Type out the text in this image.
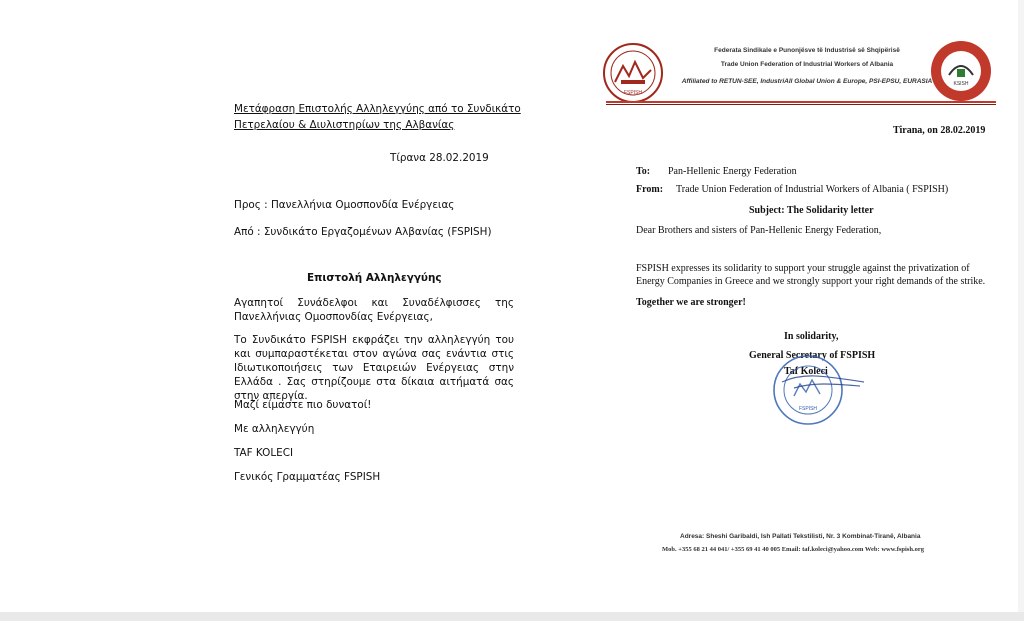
Μετάφραση Επιστολής Αλληλεγγύης από το Συνδικάτο Πετρελαίου & Διυλιστηρίων της Αλβανίας
Τίρανα 28.02.2019
Προς : Πανελλήνια Ομοσπονδία Ενέργειας
Από : Συνδικάτο Εργαζομένων Αλβανίας (FSPISH)
Επιστολή Αλληλεγγύης
Αγαπητοί Συνάδελφοι και Συναδέλφισσες της Πανελλήνιας Ομοσπονδίας Ενέργειας,
Το Συνδικάτο FSPISH εκφράζει την αλληλεγγύη του και συμπαραστέκεται στον αγώνα σας ενάντια στις Ιδιωτικοποιήσεις των Εταιρειών Ενέργειας στην Ελλάδα . Σας στηρίζουμε στα δίκαια αιτήματά σας στην απεργία.
Μαζί είμαστε πιο δυνατοί!
Με αλληλεγγύη
TAF KOLECI
Γενικός Γραμματέας FSPISH
FSPISH
KSISH
Federata Sindikale e Punonjësve të Industrisë së Shqipërisë
Trade Union Federation of Industrial Workers of Albania
Affiliated to RETUN-SEE, IndustriAll Global Union & Europe, PSI-EPSU, EURASIA
Tirana, on 28.02.2019
To: Pan-Hellenic Energy Federation
From: Trade Union Federation of Industrial Workers of Albania ( FSPISH)
Subject: The Solidarity letter
Dear Brothers and sisters of Pan-Hellenic Energy Federation,
FSPISH expresses its solidarity to support your struggle against the privatization of Energy Companies in Greece and we strongly support your right demands of the strike.
Together we are stronger!
In solidarity,
General Secretary of FSPISH
Taf Koleci
FSPISH
Adresa: Sheshi Garibaldi, Ish Pallati Tekstilisti, Nr. 3 Kombinat-Tiranë, Albania
Mob. +355 68 21 44 041/ +355 69 41 40 005 Email: taf.koleci@yahoo.com Web: www.fspish.org
